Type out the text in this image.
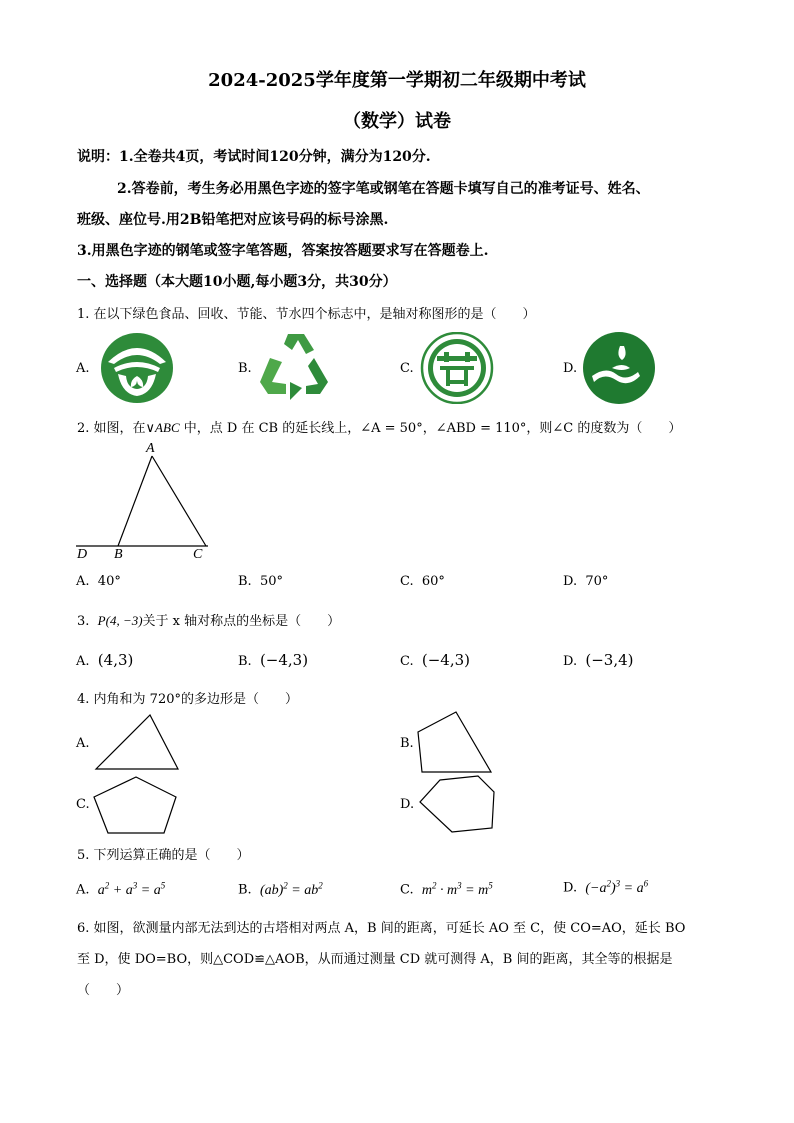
2024-2025学年度第一学期初二年级期中考试
（数学）试卷
说明：1.全卷共4页，考试时间120分钟，满分为120分.
2.答卷前，考生务必用黑色字迹的签字笔或钢笔在答题卡填写自己的准考证号、姓名、
班级、座位号.用2B铅笔把对应该号码的标号涂黑.
3.用黑色字迹的钢笔或签字笔答题，答案按答题要求写在答题卷上.
一、选择题（本大题10小题,每小题3分，共30分）
1. 在以下绿色食品、回收、节能、节水四个标志中，是轴对称图形的是（　　）
A.	B.	C.	D.
2. 如图，在∨ABC 中，点 D 在 CB 的延长线上，∠A = 50°，∠ABD = 110°，则∠C 的度数为（　　）
A
D B	C
A. 40°	B. 50°	C. 60°	D. 70°
3. P(4, −3)关于 x 轴对称点的坐标是（　　）
A. (4,3)	B. (−4,3)	C. (−4,3)	D. (−3,4)
4. 内角和为 720°的多边形是（　　）
A.	B.
C.	D.
5. 下列运算正确的是（　　）
A. $a^2 + a^3 = a^5$	B. $(ab)^2 = ab^2$	C. $m^2 \cdot m^3 = m^5$	D. $(-a^2)^3 = a^6$
6. 如图，欲测量内部无法到达的古塔相对两点 A，B 间的距离，可延长 AO 至 C，使 CO=AO，延长 BO
至 D，使 DO=BO，则△COD≌△AOB，从而通过测量 CD 就可测得 A，B 间的距离，其全等的根据是
（　　）
